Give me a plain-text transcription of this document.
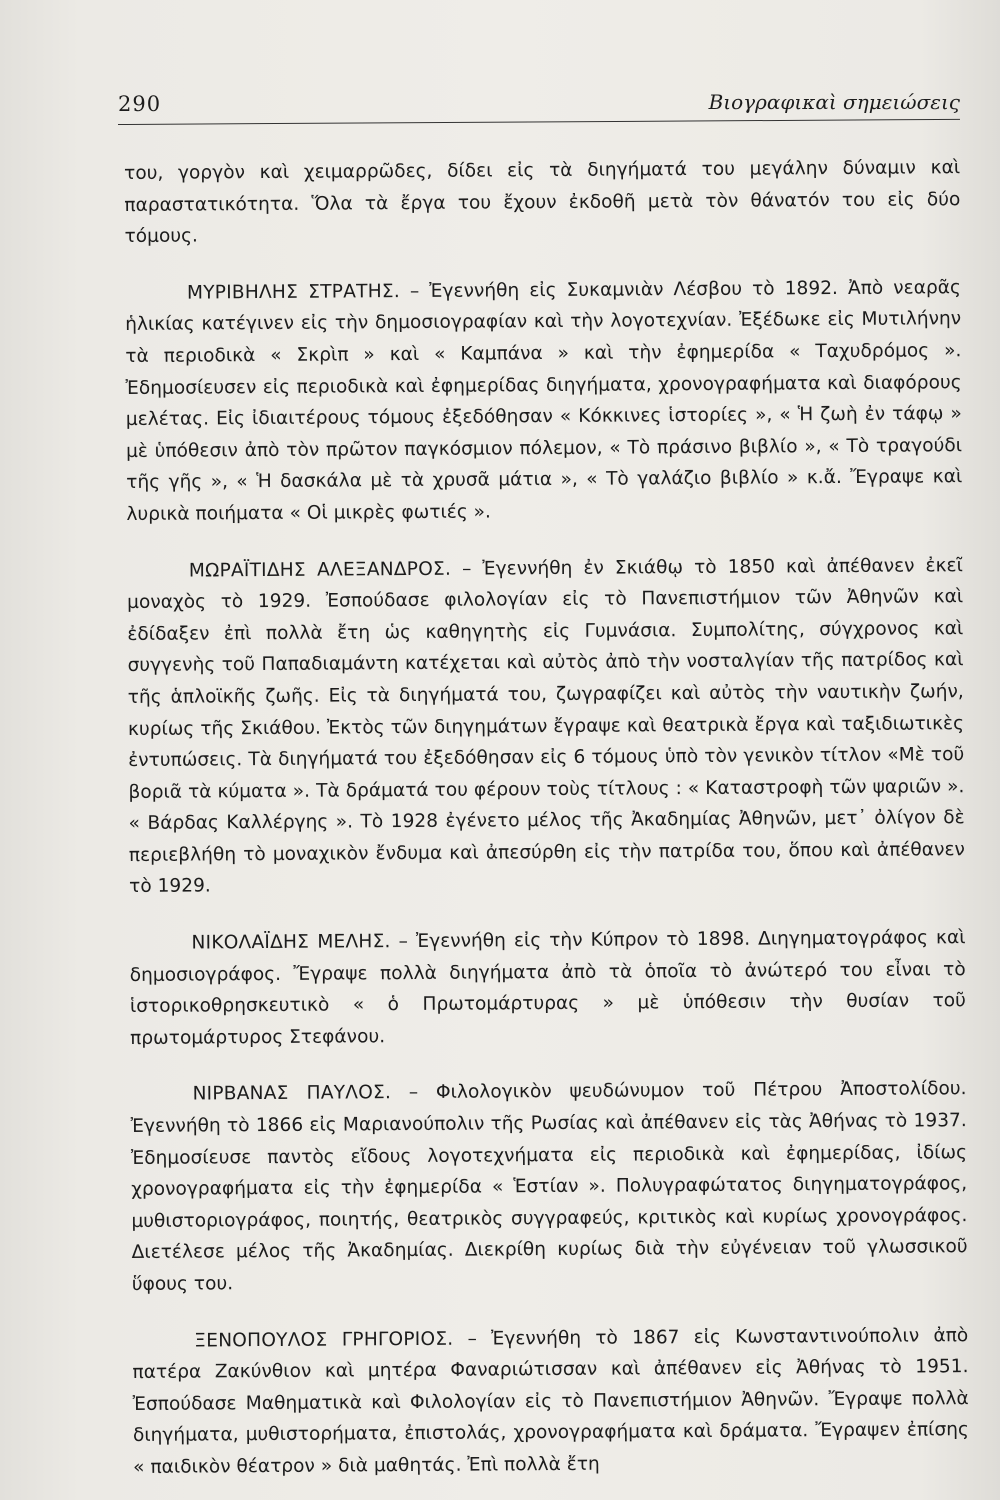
290	Βιογραφικαὶ σημειώσεις

του, γοργὸν καὶ χειμαρρῶδες, δίδει εἰς τὰ διηγήματά του μεγάλην δύναμιν καὶ παραστατικότητα. Ὅλα τὰ ἔργα του ἔχουν ἐκδοθῆ μετὰ τὸν θάνατόν του εἰς δύο τόμους.

ΜΥΡΙΒΗΛΗΣ ΣΤΡΑΤΗΣ. – Ἐγεννήθη εἰς Συκαμνιὰν Λέσβου τὸ 1892. Ἀπὸ νεαρᾶς ἡλικίας κατέγινεν εἰς τὴν δημοσιογραφίαν καὶ τὴν λογοτεχνίαν. Ἐξέδωκε εἰς Μυτιλήνην τὰ περιοδικὰ « Σκρὶπ » καὶ « Καμπάνα » καὶ τὴν ἐφημερίδα « Ταχυδρόμος ». Ἐδημοσίευσεν εἰς περιοδικὰ καὶ ἐφημερίδας διηγήματα, χρονογραφήματα καὶ διαφόρους μελέτας. Εἰς ἰδιαιτέρους τόμους ἐξεδόθησαν « Κόκκινες ἱστορίες », « Ἡ ζωὴ ἐν τάφῳ » μὲ ὑπόθεσιν ἀπὸ τὸν πρῶτον παγκόσμιον πόλεμον, « Τὸ πράσινο βιβλίο », « Τὸ τραγούδι τῆς γῆς », « Ἡ δασκάλα μὲ τὰ χρυσᾶ μάτια », « Τὸ γαλάζιο βιβλίο » κ.ἄ. Ἔγραψε καὶ λυρικὰ ποιήματα « Οἱ μικρὲς φωτιές ».

ΜΩΡΑΪΤΙΔΗΣ ΑΛΕΞΑΝΔΡΟΣ. – Ἐγεννήθη ἐν Σκιάθῳ τὸ 1850 καὶ ἀπέθανεν ἐκεῖ μοναχὸς τὸ 1929. Ἐσπούδασε φιλολογίαν εἰς τὸ Πανεπιστήμιον τῶν Ἀθηνῶν καὶ ἐδίδαξεν ἐπὶ πολλὰ ἔτη ὡς καθηγητὴς εἰς Γυμνάσια. Συμπολίτης, σύγχρονος καὶ συγγενὴς τοῦ Παπαδιαμάντη κατέχεται καὶ αὐτὸς ἀπὸ τὴν νοσταλγίαν τῆς πατρίδος καὶ τῆς ἁπλοϊκῆς ζωῆς. Εἰς τὰ διηγήματά του, ζωγραφίζει καὶ αὐτὸς τὴν ναυτικὴν ζωήν, κυρίως τῆς Σκιάθου. Ἐκτὸς τῶν διηγημάτων ἔγραψε καὶ θεατρικὰ ἔργα καὶ ταξιδιωτικὲς ἐντυπώσεις. Τὰ διηγήματά του ἐξεδόθησαν εἰς 6 τόμους ὑπὸ τὸν γενικὸν τίτλον «Μὲ τοῦ βοριᾶ τὰ κύματα ». Τὰ δράματά του φέρουν τοὺς τίτλους : « Καταστροφὴ τῶν ψαριῶν ». « Βάρδας Καλλέργης ». Τὸ 1928 ἐγένετο μέλος τῆς Ἀκαδημίας Ἀθηνῶν, μετ᾽ ὀλίγον δὲ περιεβλήθη τὸ μοναχικὸν ἔνδυμα καὶ ἀπεσύρθη εἰς τὴν πατρίδα του, ὅπου καὶ ἀπέθανεν τὸ 1929.

ΝΙΚΟΛΑΪΔΗΣ ΜΕΛΗΣ. – Ἐγεννήθη εἰς τὴν Κύπρον τὸ 1898. Διηγηματογράφος καὶ δημοσιογράφος. Ἔγραψε πολλὰ διηγήματα ἀπὸ τὰ ὁποῖα τὸ ἀνώτερό του εἶναι τὸ ἱστορικοθρησκευτικὸ « ὁ Πρωτομάρτυρας » μὲ ὑπόθεσιν τὴν θυσίαν τοῦ πρωτομάρτυρος Στεφάνου.

ΝΙΡΒΑΝΑΣ ΠΑΥΛΟΣ. – Φιλολογικὸν ψευδώνυμον τοῦ Πέτρου Ἀποστολίδου. Ἐγεννήθη τὸ 1866 εἰς Μαριανούπολιν τῆς Ρωσίας καὶ ἀπέθανεν εἰς τὰς Ἀθήνας τὸ 1937. Ἐδημοσίευσε παντὸς εἴδους λογοτεχνήματα εἰς περιοδικὰ καὶ ἐφημερίδας, ἰδίως χρονογραφήματα εἰς τὴν ἐφημερίδα « Ἑστίαν ». Πολυγραφώτατος διηγηματογράφος, μυθιστοριογράφος, ποιητής, θεατρικὸς συγγραφεύς, κριτικὸς καὶ κυρίως χρονογράφος. Διετέλεσε μέλος τῆς Ἀκαδημίας. Διεκρίθη κυρίως διὰ τὴν εὐγένειαν τοῦ γλωσσικοῦ ὕφους του.

ΞΕΝΟΠΟΥΛΟΣ ΓΡΗΓΟΡΙΟΣ. – Ἐγεννήθη τὸ 1867 εἰς Κωνσταντινούπολιν ἀπὸ πατέρα Ζακύνθιον καὶ μητέρα Φαναριώτισσαν καὶ ἀπέθανεν εἰς Ἀθήνας τὸ 1951. Ἐσπούδασε Μαθηματικὰ καὶ Φιλολογίαν εἰς τὸ Πανεπιστήμιον Ἀθηνῶν. Ἔγραψε πολλὰ διηγήματα, μυθιστορήματα, ἐπιστολάς, χρονογραφήματα καὶ δράματα. Ἔγραψεν ἐπίσης « παιδικὸν θέατρον » διὰ μαθητάς. Ἐπὶ πολλὰ ἔτη
